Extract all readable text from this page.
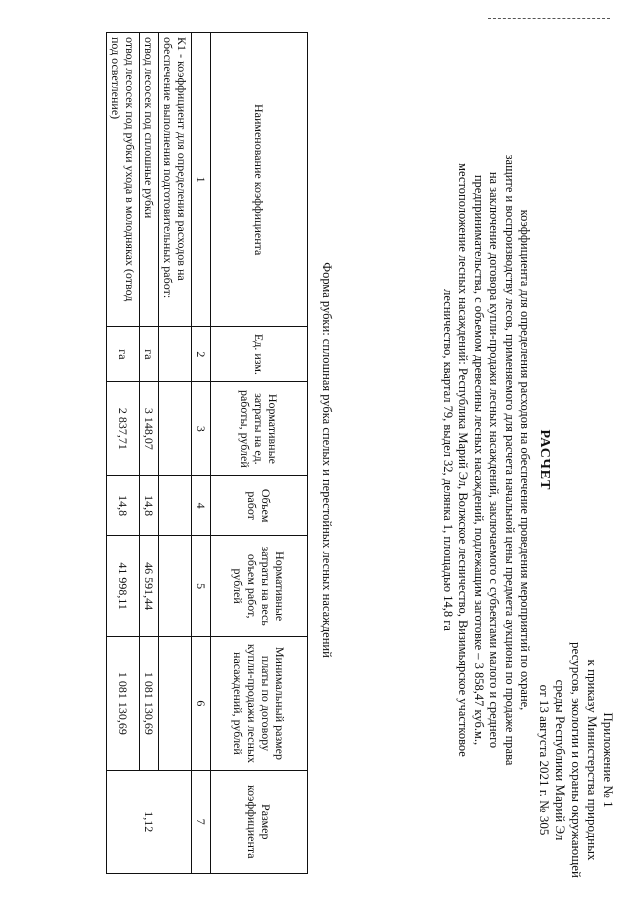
Приложение № 1
к приказу Министерства природных
ресурсов, экологии и охраны окружающей
среды Республики Марий Эл
от 13 августа 2021 г. № 305
РАСЧЕТ
коэффициента для определения расходов на обеспечение проведения мероприятий по охране,
защите и воспроизводству лесов, применяемого для расчета начальной цены предмета аукциона по продаже права
на заключение договора купли-продажи лесных насаждений, заключаемого с субъектами малого и среднего
предпринимательства, с объемом древесины лесных насаждений, подлежащим заготовке – 3 858,47 куб.м.,
местоположение лесных насаждений: Республика Марий Эл, Волжское лесничество, Визимьярское участковое
лесничество, квартал 79, выдел 32, делянка 1, площадью 14,8 га
Форма рубки: сплошная рубка спелых и перестойных лесных насаждений
Наименование коэффициента	Ед. изм.	Нормативные затраты на ед. работы, рублей	Объем работ	Нормативные затраты на весь объем работ, рублей	Минимальный размер платы по договору купли-продажи лесных насаждений, рублей	Размер коэффициента
1	2	3	4	5	6	7
К1 - коэффициент для определения расходов на обеспечение выполнения подготовительных работ:						1,12
отвод лесосек под сплошные рубки	га	3 148,07	14,8	46 591,44	1 081 130,69	
отвод лесосек под рубки ухода в молодняках (отвод под осветление)	га	2 837,71	14,8	41 998,11	1 081 130,69	
